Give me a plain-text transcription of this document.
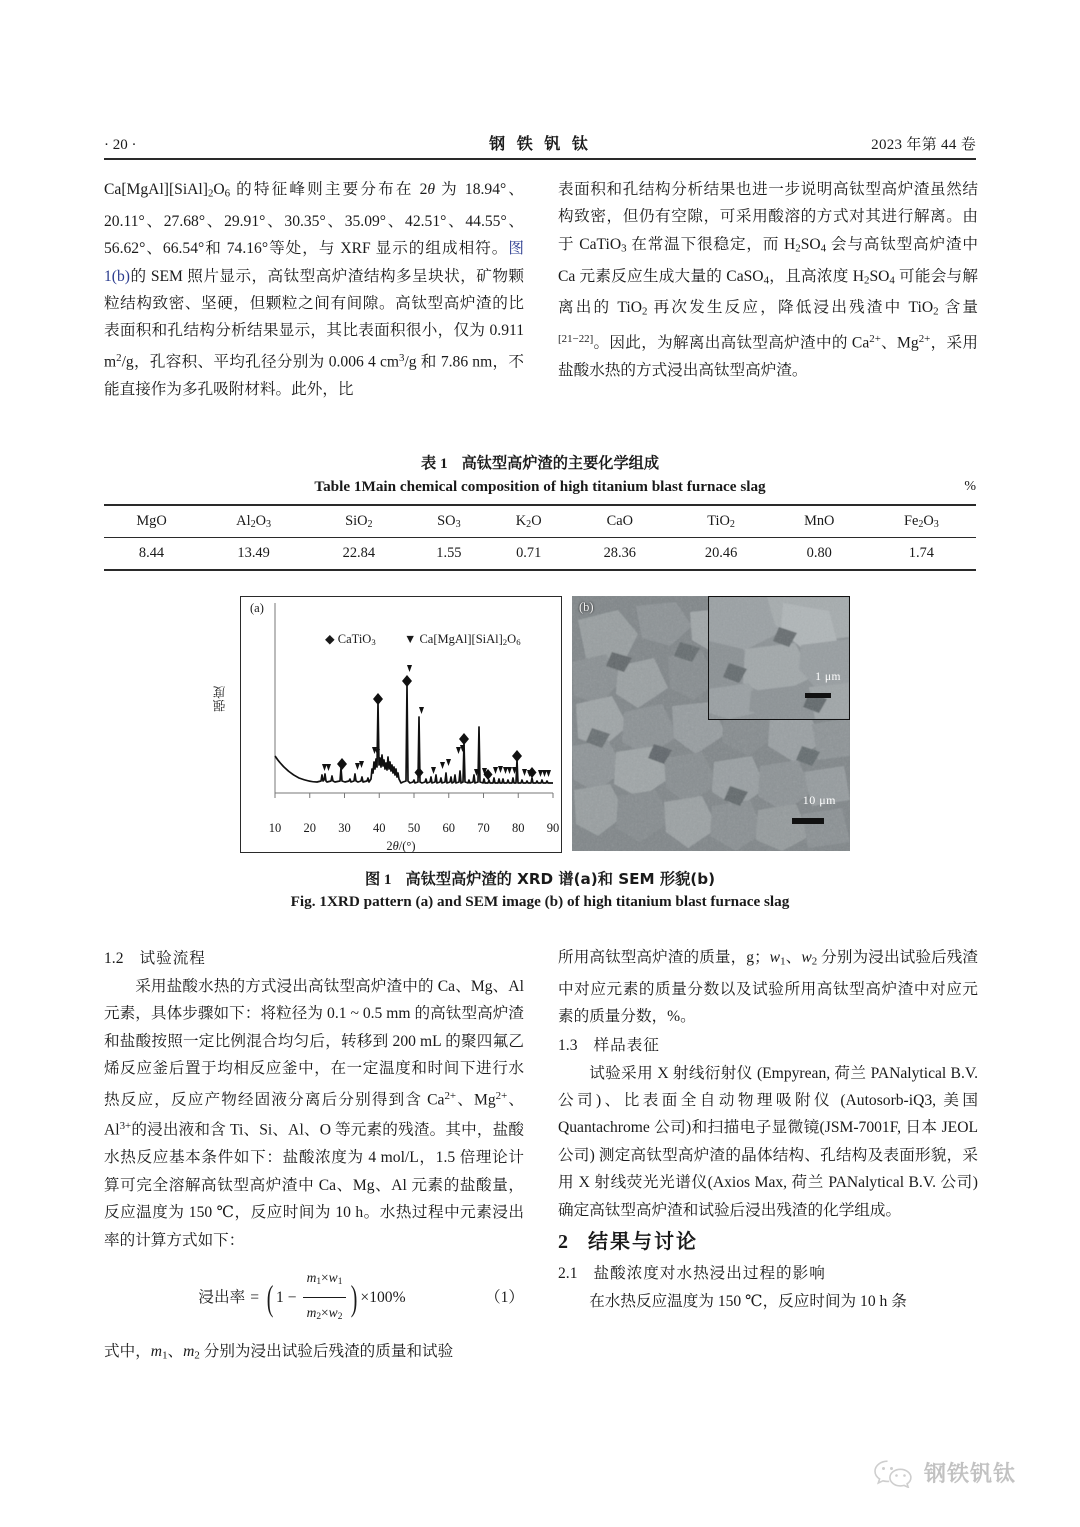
· 20 ·	钢 铁 钒 钛	2023 年第 44 卷

$Ca[MgAl][SiAl]_2O_6$ 的特征峰则主要分布在 2θ 为 18.94°、20.11°、27.68°、29.91°、30.35°、35.09°、42.51°、44.55°、56.62°、66.54°和 74.16°等处，与 XRF 显示的组成相符。图 1(b)的 SEM 照片显示，高钛型高炉渣结构多呈块状，矿物颗粒结构致密、坚硬，但颗粒之间有间隙。高钛型高炉渣的比表面积和孔结构分析结果显示，其比表面积很小，仅为 0.911 $m^2/g$，孔容积、平均孔径分别为 0.006 4 $cm^3/g$ 和 7.86 nm，不能直接作为多孔吸附材料。此外，比

表面积和孔结构分析结果也进一步说明高钛型高炉渣虽然结构致密，但仍有空隙，可采用酸溶的方式对其进行解离。由于 CaTiO$_3$ 在常温下很稳定，而 $H_2SO_4$ 会与高钛型高炉渣中 Ca 元素反应生成大量的 CaSO$_4$，且高浓度 $H_2SO_4$ 可能会与解离出的 TiO$_2$ 再次发生反应，降低浸出残渣中 TiO$_2$ 含量[21−22]。因此，为解离出高钛型高炉渣中的 $Ca^{2+}$、$Mg^{2+}$，采用盐酸水热的方式浸出高钛型高炉渣。

表 1 高钛型高炉渣的主要化学组成
Table 1Main chemical composition of high titanium blast furnace slag	%
MgO	$Al_2O_3$	SiO$_2$	$SO_3$	$K_2O$	CaO	TiO$_2$	MnO	$Fe_2O_3$
8.44	13.49	22.84	1.55	0.71	28.36	20.46	0.80	1.74
(a)
◆ CaTiO$_3$ ▼ $Ca[MgAl][SiAl]_2O_6$
强度
10 20 30 40 50 60 70 80 90
2θ/(°)
(b)
1 μm
10 μm
图 1 高钛型高炉渣的 XRD 谱(a)和 SEM 形貌(b)
Fig. 1XRD pattern (a) and SEM image (b) of high titanium blast furnace slag

1.2 试验流程

采用盐酸水热的方式浸出高钛型高炉渣中的 Ca、Mg、Al 元素，具体步骤如下：将粒径为 0.1 ~ 0.5 mm 的高钛型高炉渣和盐酸按照一定比例混合均匀后，转移到 200 mL 的聚四氟乙烯反应釜后置于均相反应釜中，在一定温度和时间下进行水热反应，反应产物经固液分离后分别得到含 $Ca^{2+}$、$Mg^{2+}$、$Al^{3+}$的浸出液和含 Ti、Si、Al、O 等元素的残渣。其中，盐酸水热反应基本条件如下：盐酸浓度为 4 mol/L，1.5 倍理论计算可完全溶解高钛型高炉渣中 Ca、Mg、Al 元素的盐酸量，反应温度为 150 ℃，反应时间为 10 h。水热过程中元素浸出率的计算方式如下：

浸出率 = ( $1 - \frac{m_1\times w_1}{m_2\times w_2}$ ) ×100%	（1）

式中，$m_1$、$m_2$ 分别为浸出试验后残渣的质量和试验

所用高钛型高炉渣的质量，g；$w_1$、$w_2$ 分别为浸出试验后残渣中对应元素的质量分数以及试验所用高钛型高炉渣中对应元素的质量分数，%。

1.3 样品表征

试验采用 X 射线衍射仪 (Empyrean, 荷兰 PANalytical B.V.公司)、比表面全自动物理吸附仪 (Autosorb-iQ3, 美国 Quantachrome 公司)和扫描电子显微镜(JSM-7001F, 日本 JEOL 公司) 测定高钛型高炉渣的晶体结构、孔结构及表面形貌，采用 X 射线荧光光谱仪(Axios Max, 荷兰 PANalytical B.V. 公司)确定高钛型高炉渣和试验后浸出残渣的化学组成。

2 结果与讨论

2.1 盐酸浓度对水热浸出过程的影响

在水热反应温度为 150 ℃，反应时间为 10 h 条

钢铁钒钛
